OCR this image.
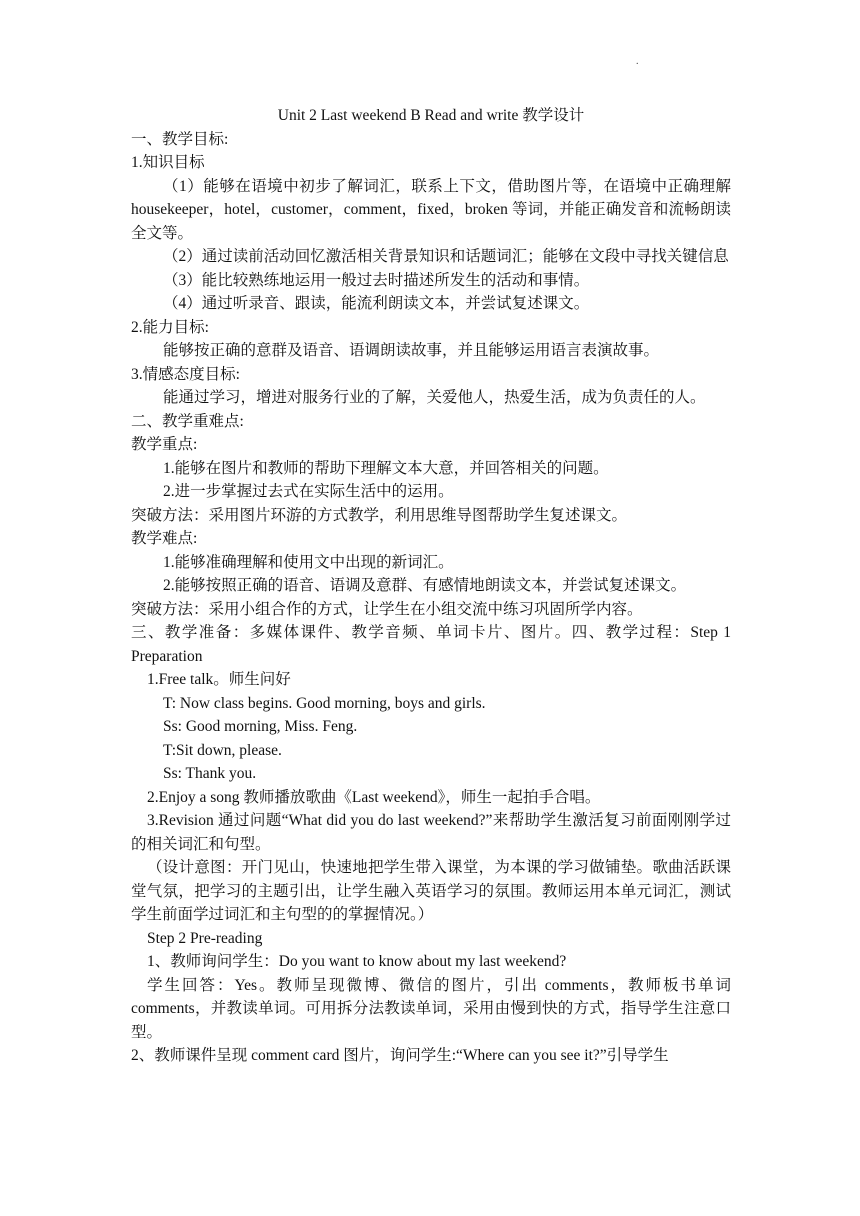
.

Unit 2 Last weekend B Read and write 教学设计

一、教学目标:

1.知识目标

（1）能够在语境中初步了解词汇，联系上下文，借助图片等，在语境中正确理解 housekeeper，hotel，customer，comment，fixed，broken 等词，并能正确发音和流畅朗读全文等。

（2）通过读前活动回忆激活相关背景知识和话题词汇；能够在文段中寻找关键信息

（3）能比较熟练地运用一般过去时描述所发生的活动和事情。

（4）通过听录音、跟读，能流利朗读文本，并尝试复述课文。

2.能力目标:

能够按正确的意群及语音、语调朗读故事，并且能够运用语言表演故事。

3.情感态度目标:

能通过学习，增进对服务行业的了解，关爱他人，热爱生活，成为负责任的人。

二、教学重难点:

教学重点:

1.能够在图片和教师的帮助下理解文本大意，并回答相关的问题。

2.进一步掌握过去式在实际生活中的运用。

突破方法：采用图片环游的方式教学，利用思维导图帮助学生复述课文。

教学难点:

1.能够准确理解和使用文中出现的新词汇。

2.能够按照正确的语音、语调及意群、有感情地朗读文本，并尝试复述课文。

突破方法：采用小组合作的方式，让学生在小组交流中练习巩固所学内容。

三、教学准备：多媒体课件、教学音频、单词卡片、图片。四、教学过程：Step 1 Preparation

1.Free talk。师生问好

T: Now class begins. Good morning, boys and girls.

Ss: Good morning, Miss. Feng.

T:Sit down, please.

Ss: Thank you.

2.Enjoy a song 教师播放歌曲《Last weekend》，师生一起拍手合唱。

3.Revision 通过问题“What did you do last weekend?”来帮助学生激活复习前面刚刚学过的相关词汇和句型。

（设计意图：开门见山，快速地把学生带入课堂，为本课的学习做铺垫。歌曲活跃课堂气氛，把学习的主题引出，让学生融入英语学习的氛围。教师运用本单元词汇，测试学生前面学过词汇和主句型的的掌握情况。）

Step 2 Pre-reading

1、教师询问学生：Do you want to know about my last weekend?

学生回答：Yes。教师呈现微博、微信的图片，引出 comments，教师板书单词 comments，并教读单词。可用拆分法教读单词，采用由慢到快的方式，指导学生注意口型。

2、教师课件呈现 comment card 图片，询问学生:“Where can you see it?”引导学生
